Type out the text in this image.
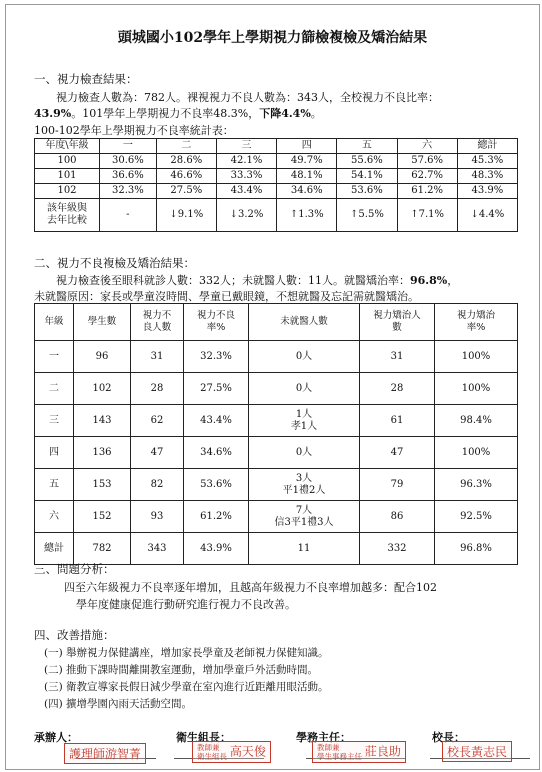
頭城國小102學年上學期視力篩檢複檢及矯治結果
一、視力檢查結果：
視力檢查人數為：782人。裸視視力不良人數為：343人，全校視力不良比率：
43.9%。101學年上學期視力不良率48.3%，下降4.4%。
100-102學年上學期視力不良率統計表：
年度\年級	一	二	三	四	五	六	總計
100	30.6%	28.6%	42.1%	49.7%	55.6%	57.6%	45.3%
101	36.6%	46.6%	33.3%	48.1%	54.1%	62.7%	48.3%
102	32.3%	27.5%	43.4%	34.6%	53.6%	61.2%	43.9%
該年級與
去年比較	-	↓9.1%	↓3.2%	↑1.3%	↑5.5%	↑7.1%	↓4.4%
二、視力不良複檢及矯治結果：
視力檢查後至眼科就診人數：332人；未就醫人數：11人。就醫矯治率：96.8%，
未就醫原因：家長或學童沒時間、學童已戴眼鏡，不想就醫及忘記需就醫矯治。
年級	學生數	視力不良人數	視力不良率%	未就醫人數	視力矯治人數	視力矯治率%
一	96	31	32.3%	0人	31	100%
二	102	28	27.5%	0人	28	100%
三	143	62	43.4%	1人
孝1人	61	98.4%
四	136	47	34.6%	0人	47	100%
五	153	82	53.6%	3人
平1禮2人	79	96.3%
六	152	93	61.2%	7人
信3平1禮3人	86	92.5%
總計	782	343	43.9%	11	332	96.8%
三、問題分析：
四至六年級視力不良率逐年增加，且越高年級視力不良率增加越多：配合102
學年度健康促進行動研究進行視力不良改善。
四、改善措施：
(一) 舉辦視力保健講座，增加家長學童及老師視力保健知識。
(二) 推動下課時間離開教室運動，增加學童戶外活動時間。
(三) 衛教宣導家長假日減少學童在室內進行近距離用眼活動。
(四) 擴增學園內雨天活動空間。
承辦人：
護理師游智菁
衛生組長：
教師兼
衛生組長 高天俊
學務主任：
教師兼
學生事務主任 莊良助
校長：
校長黃志民
